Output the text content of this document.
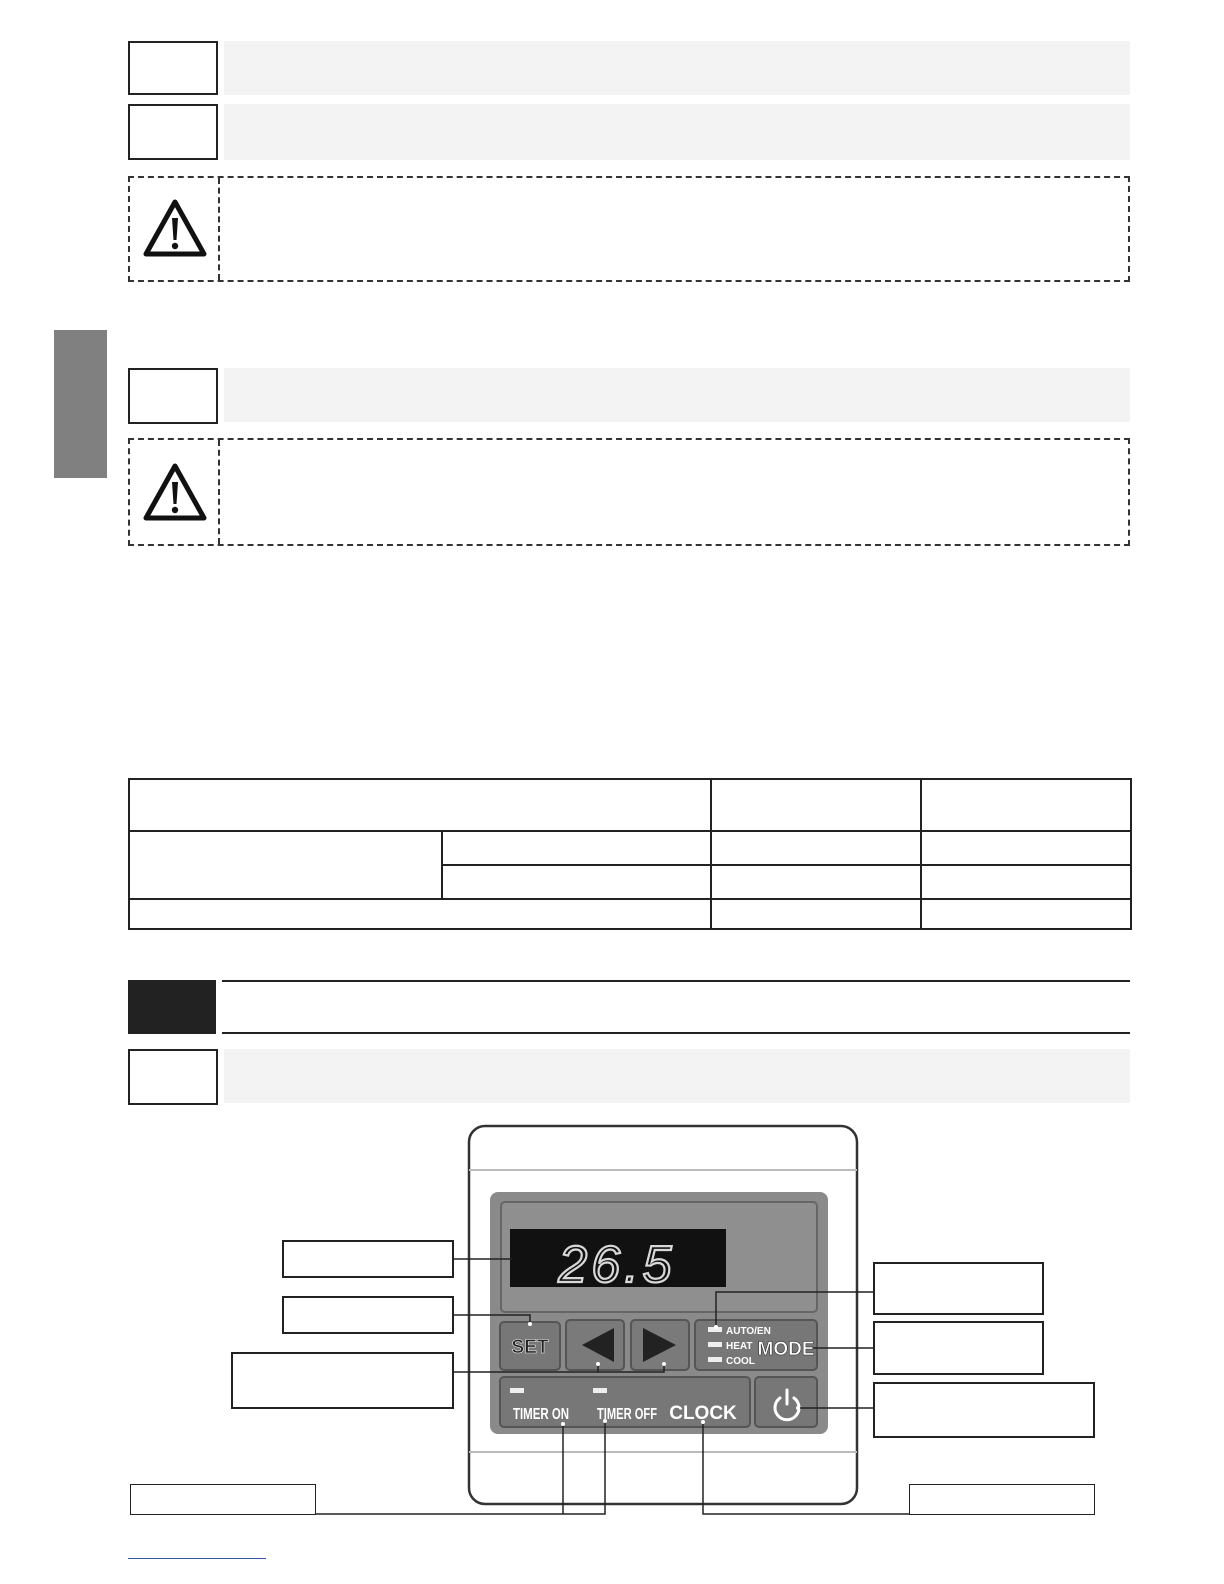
26.5
SET
AUTO/EN
HEAT
COOL
MODE
TIMER ON TIMER OFF CLOCK
